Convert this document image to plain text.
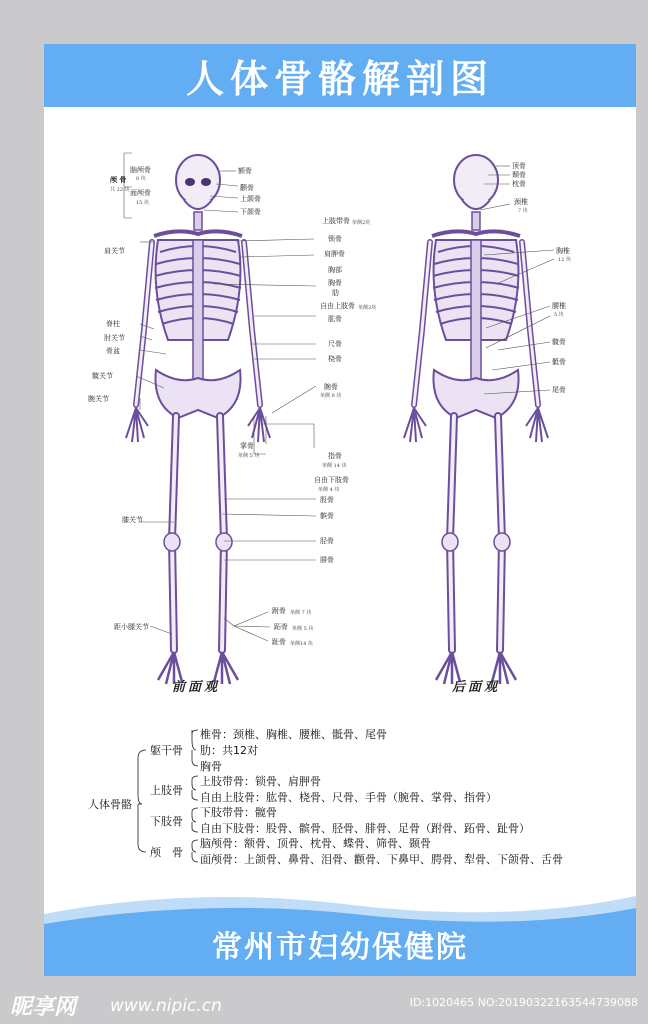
人体骨骼解剖图
颅 骨
共 22 块
脑颅骨
8 块
面颅骨
15 块
肩关节
脊柱
肘关节
骨盆
髋关节
腕关节
膝关节
距小腿关节
额骨
颧骨
上颌骨
下颌骨
上肢带骨 单侧2块
锁骨
肩胛骨
胸部
胸骨
肋
自由上肢骨 单侧3块
肱骨
尺骨
桡骨
腕骨
单侧 8 块
掌骨
单侧 5 块	指骨
单侧 14 块
自由下肢骨
单侧 4 块
股骨
髌骨
胫骨
腓骨
跗骨 单侧 7 块
跖骨 单侧 5 块
趾骨 单侧14 块
顶骨
颞骨
枕骨
颈椎
7 块
胸椎
12 块
腰椎
5 块
髋骨
骶骨
尾骨
前面观	后面观
人体骨骼
躯干骨
椎骨：颈椎、胸椎、腰椎、骶骨、尾骨
肋：共12对
胸骨
上肢骨
上肢带骨：锁骨、肩胛骨
自由上肢骨：肱骨、桡骨、尺骨、手骨（腕骨、掌骨、指骨）
下肢骨
下肢带骨：髋骨
自由下肢骨：股骨、髌骨、胫骨、腓骨、足骨（跗骨、跖骨、趾骨）
颅　骨
脑颅骨：额骨、顶骨、枕骨、蝶骨、筛骨、颞骨
面颅骨：上颌骨、鼻骨、泪骨、颧骨、下鼻甲、腭骨、犁骨、下颌骨、舌骨
常州市妇幼保健院
昵享网 www.nipic.cn	ID:1020465 NO:20190322163544739088
